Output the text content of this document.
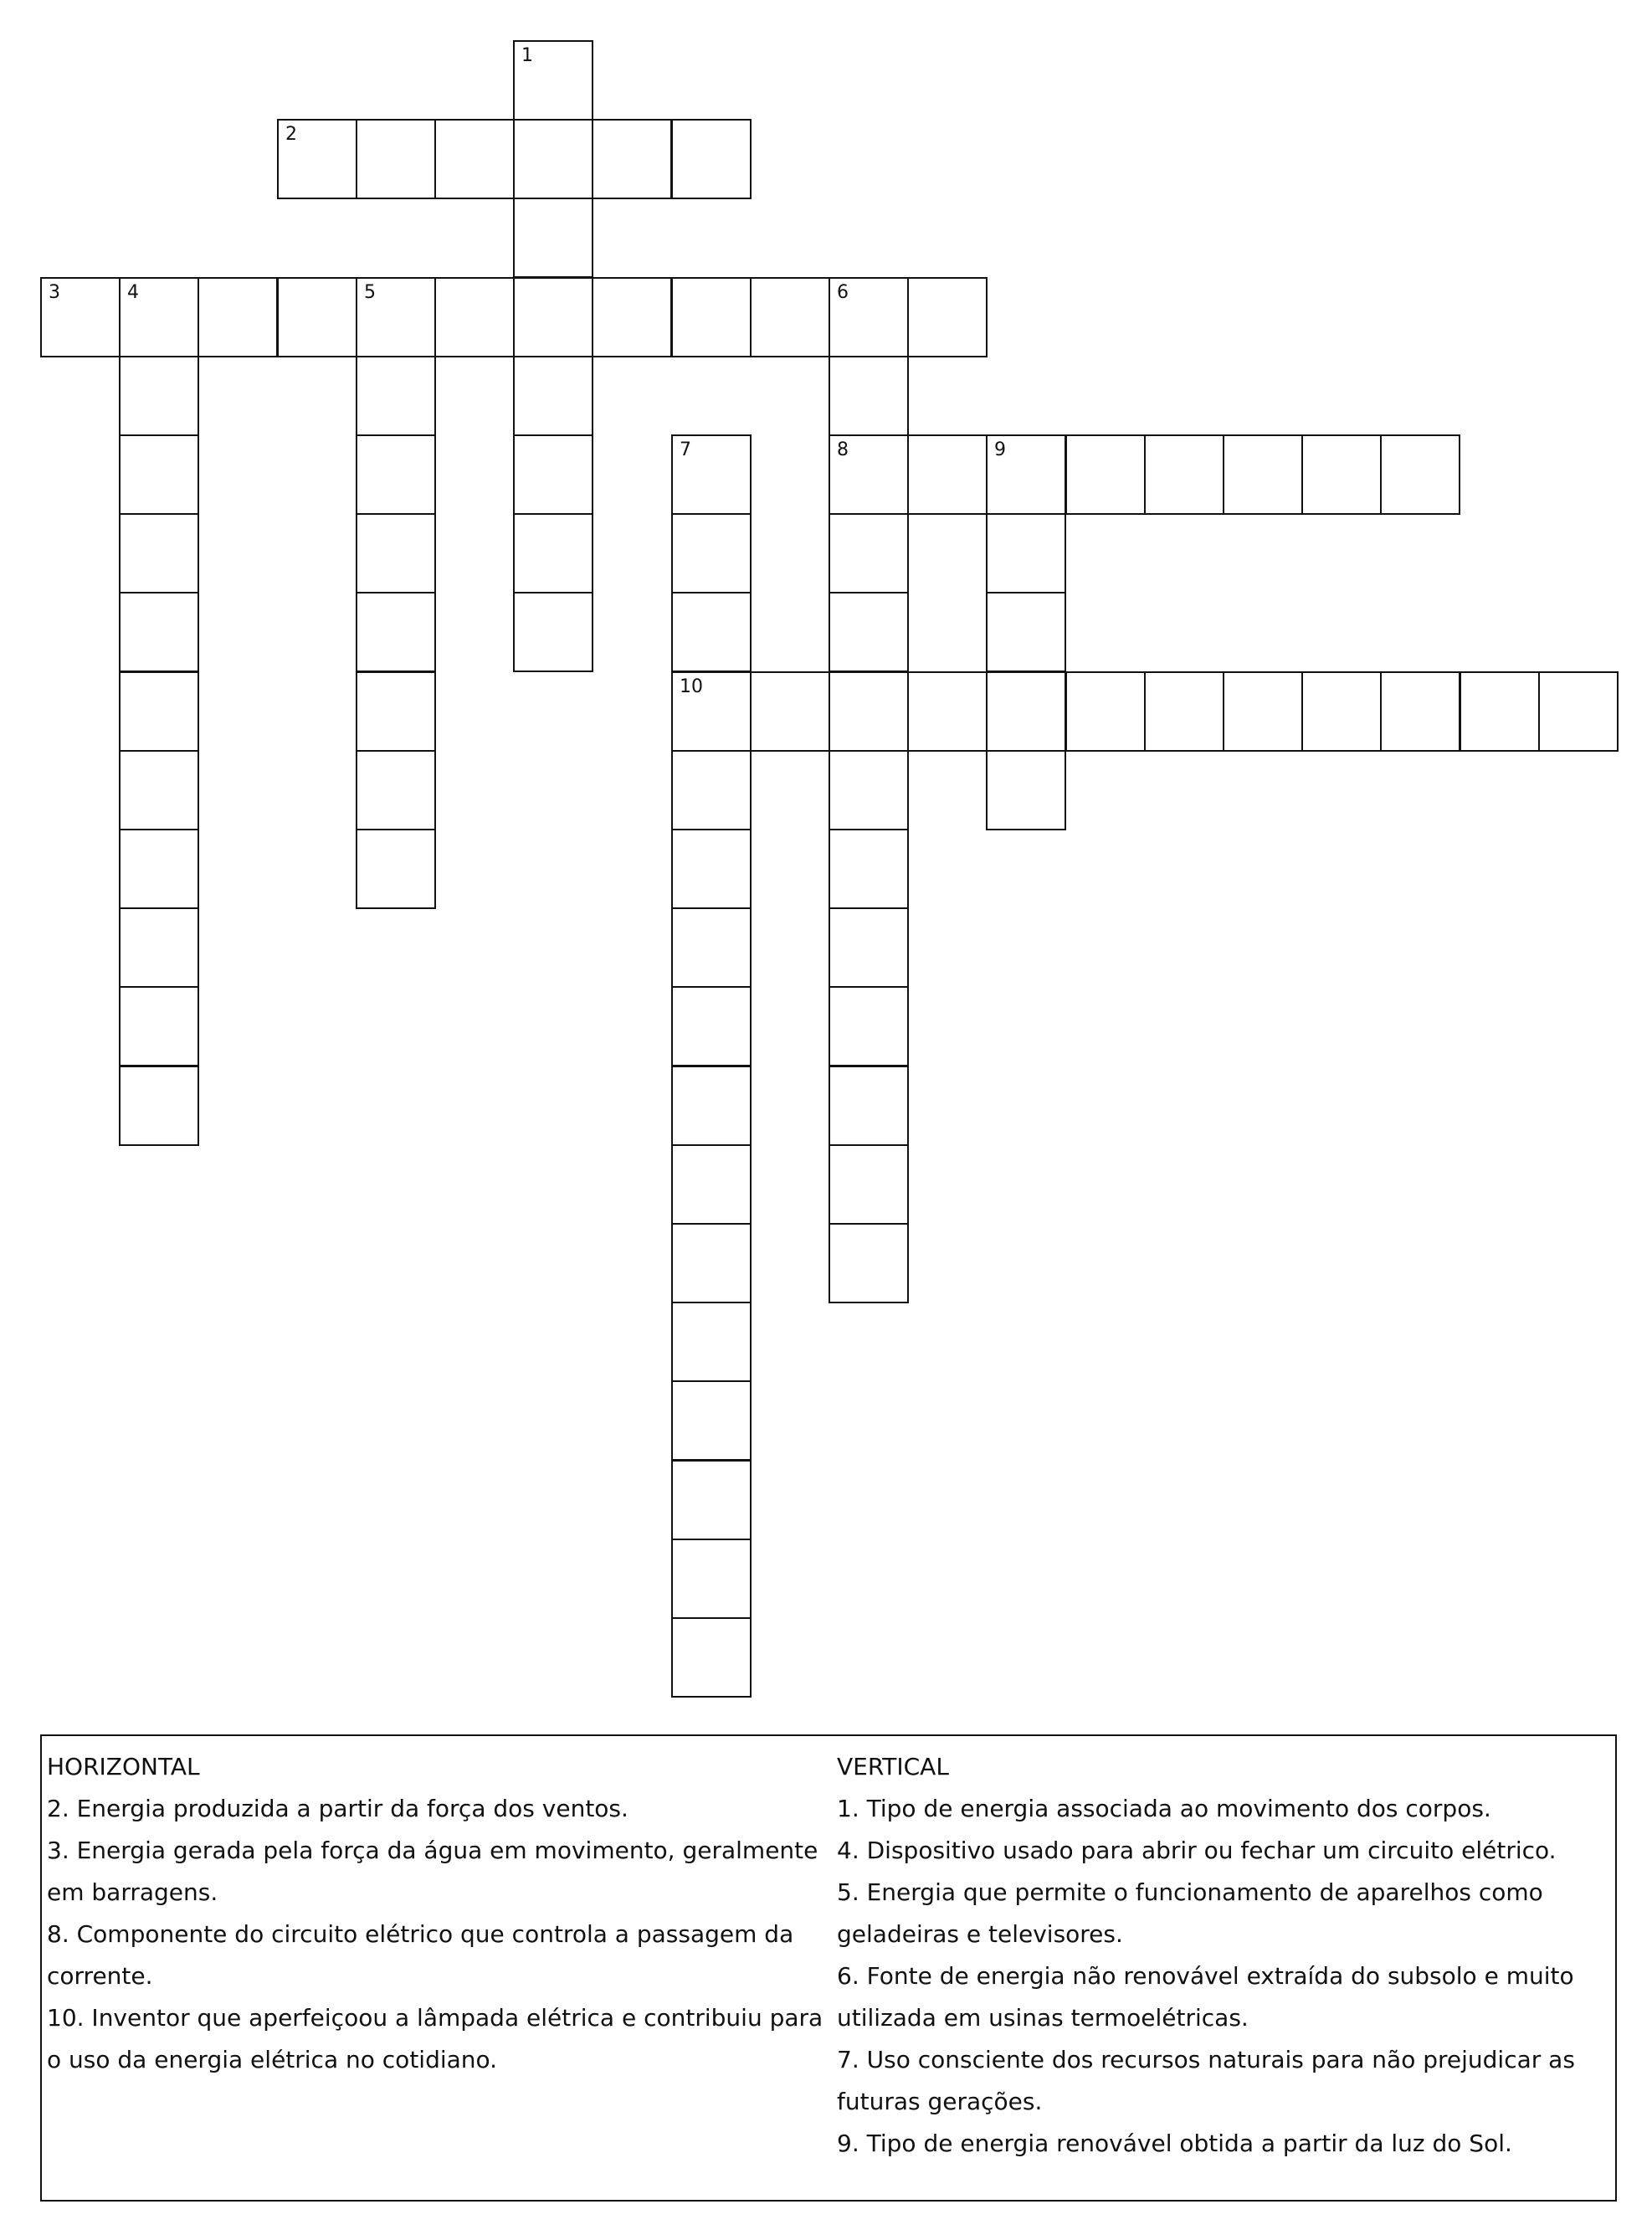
1
2
3	4	5	6
7	8	9
10
HORIZONTAL
2. Energia produzida a partir da força dos ventos.
3. Energia gerada pela força da água em movimento, geralmente em barragens.
8. Componente do circuito elétrico que controla a passagem da corrente.
10. Inventor que aperfeiçoou a lâmpada elétrica e contribuiu para o uso da energia elétrica no cotidiano.
VERTICAL
1. Tipo de energia associada ao movimento dos corpos.
4. Dispositivo usado para abrir ou fechar um circuito elétrico.
5. Energia que permite o funcionamento de aparelhos como geladeiras e televisores.
6. Fonte de energia não renovável extraída do subsolo e muito utilizada em usinas termoelétricas.
7. Uso consciente dos recursos naturais para não prejudicar as futuras gerações.
9. Tipo de energia renovável obtida a partir da luz do Sol.
